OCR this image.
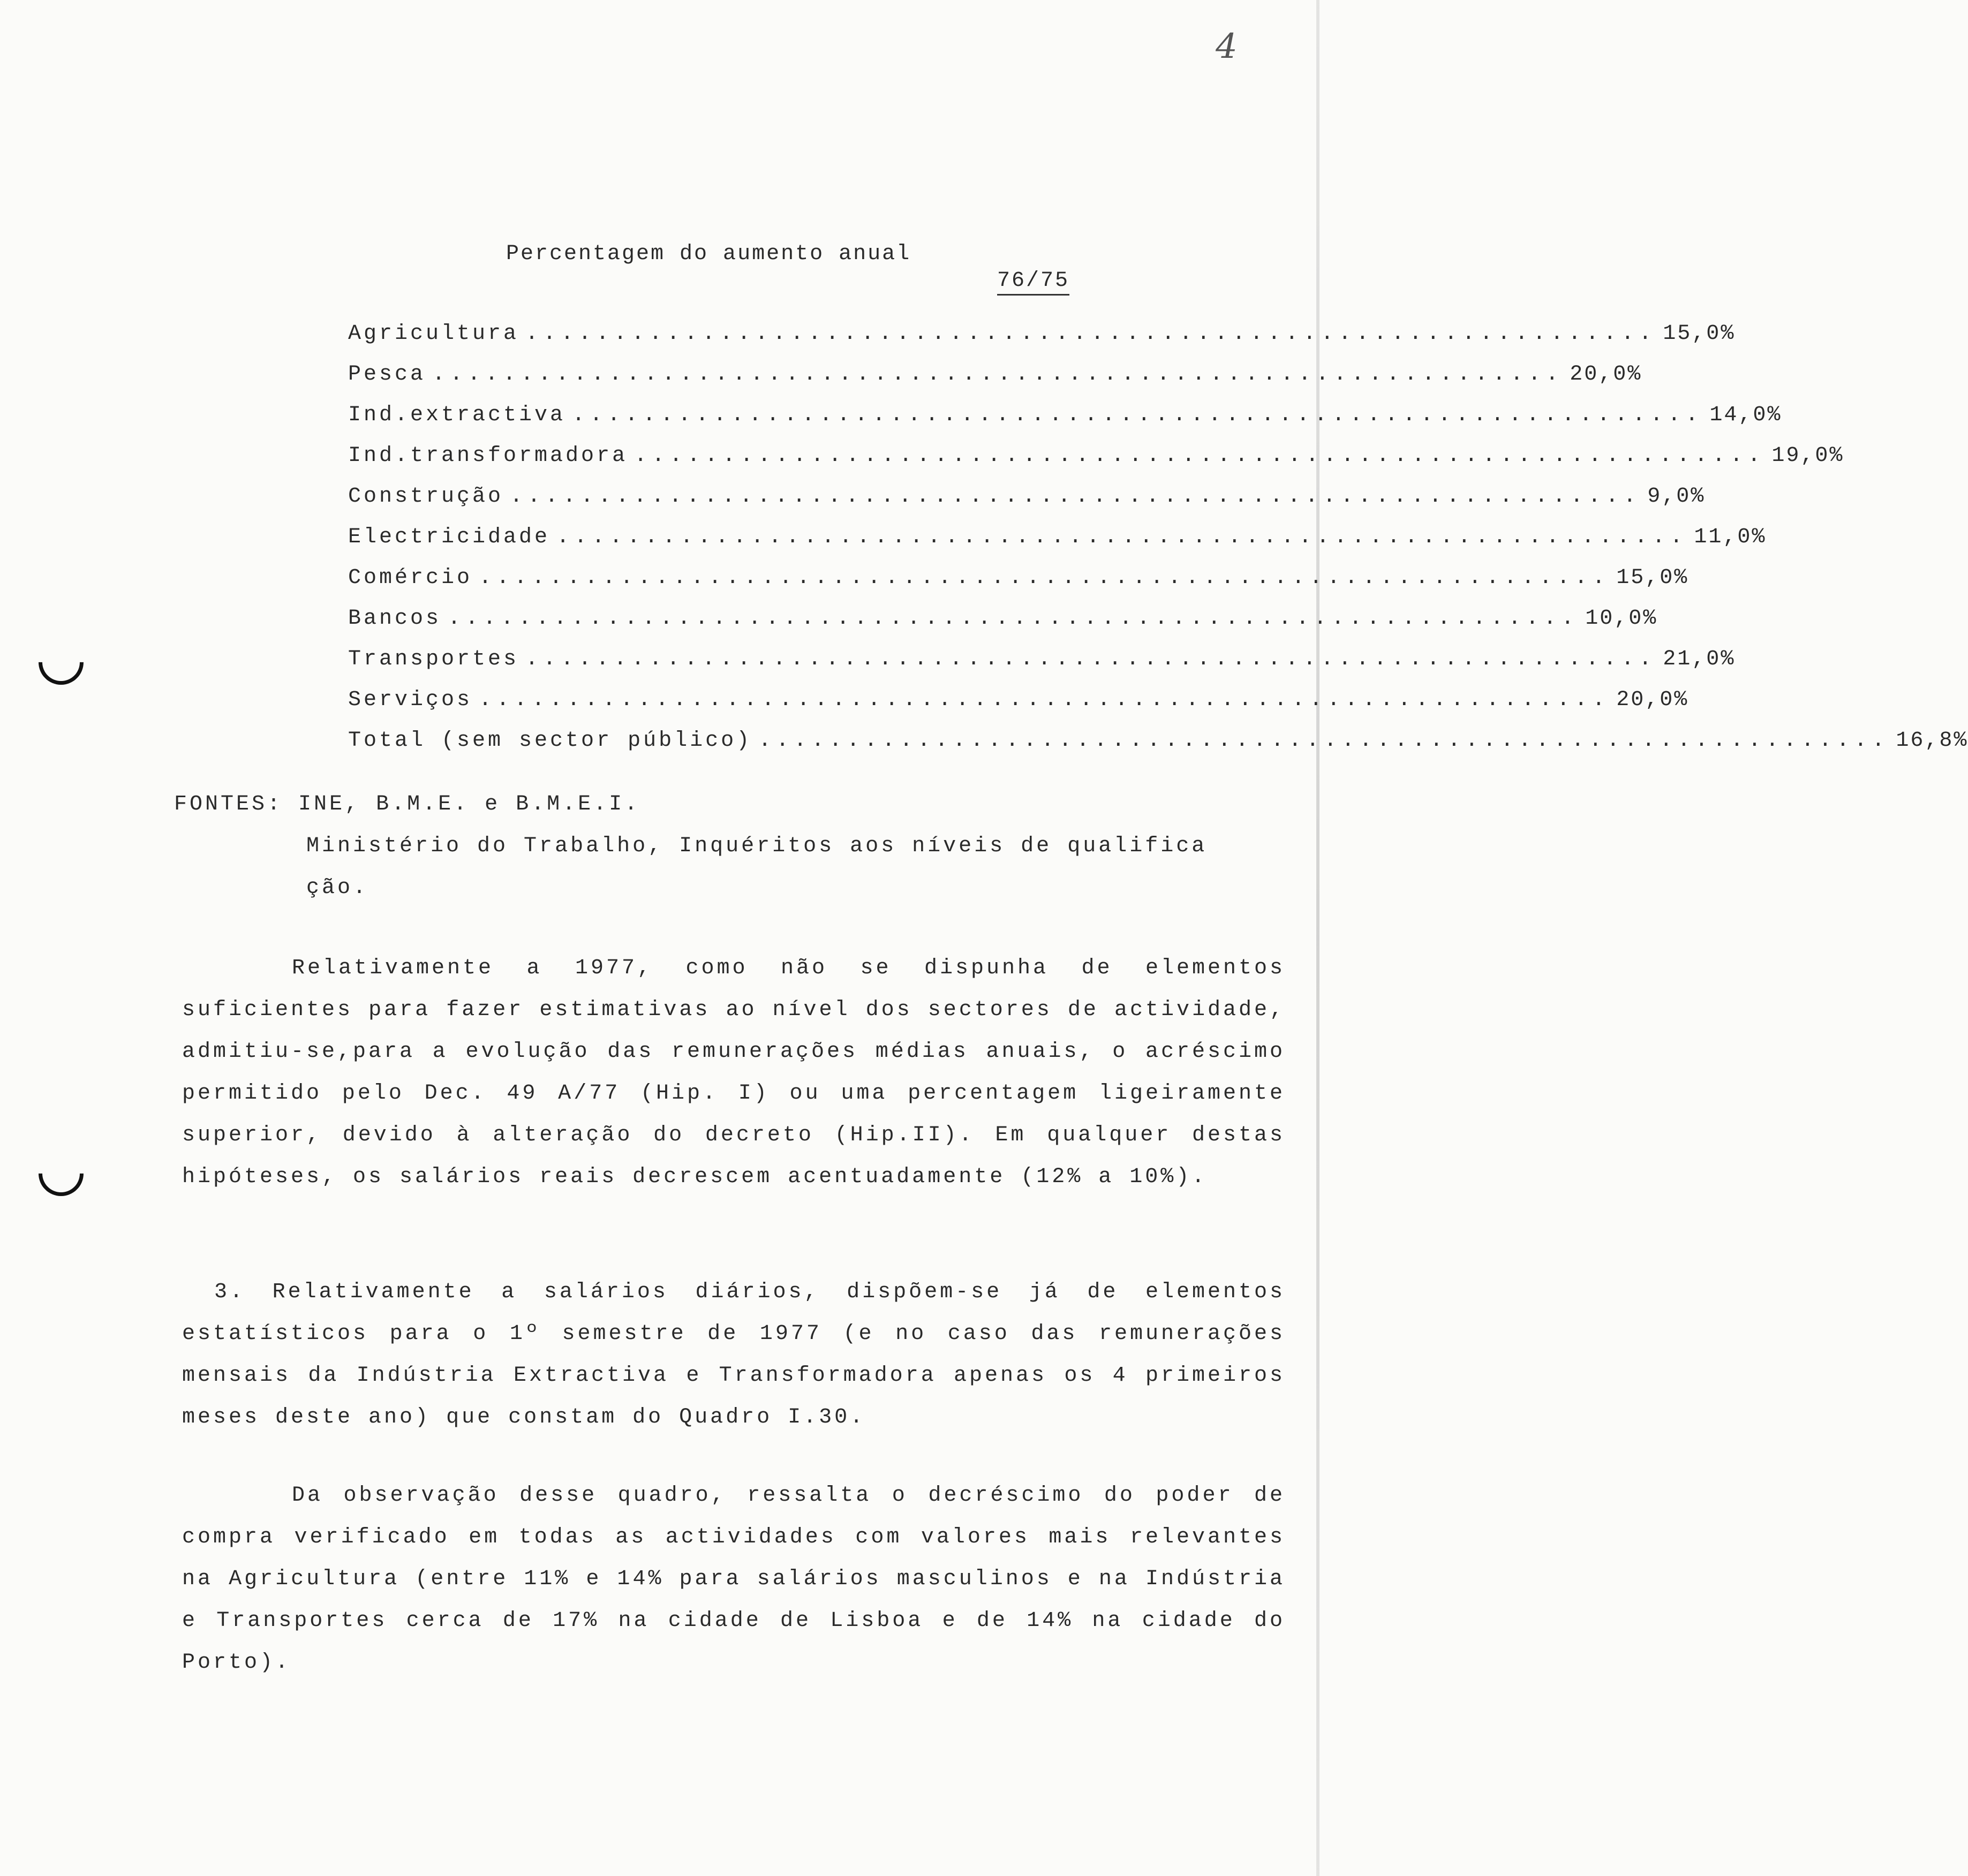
4
Percentagem do aumento anual
76/75
Agricultura ................................................................ 15,0%
Pesca ................................................................ 20,0%
Ind.extractiva ................................................................ 14,0%
Ind.transformadora ................................................................ 19,0%
Construção ................................................................ 9,0%
Electricidade ................................................................ 11,0%
Comércio ................................................................ 15,0%
Bancos ................................................................ 10,0%
Transportes ................................................................ 21,0%
Serviços ................................................................ 20,0%
Total (sem sector público) ................................................................ 16,8%
FONTES: INE, B.M.E. e B.M.E.I.
Ministério do Trabalho, Inquéritos aos níveis de qualifica
ção.

Relativamente a 1977, como não se dispunha de elementos suficientes para fazer estimativas ao nível dos sectores de actividade, admitiu-se,para a evolução das remunerações médias anuais, o acréscimo permitido pelo Dec. 49 A/77 (Hip. I) ou uma percentagem ligeiramente superior, devido à alteração do decreto (Hip.II). Em qualquer destas hipóteses, os salários reais decrescem acentuadamente (12% a 10%).

3. Relativamente a salários diários, dispõem-se já de elementos estatísticos para o 1º semestre de 1977 (e no caso das remunerações mensais da Indústria Extractiva e Transformadora apenas os 4 primeiros meses deste ano) que constam do Quadro I.30.

Da observação desse quadro, ressalta o decréscimo do poder de compra verificado em todas as actividades com valores mais relevantes na Agricultura (entre 11% e 14% para salários masculinos e na Indústria e Transportes cerca de 17% na cidade de Lisboa e de 14% na cidade do Porto).
